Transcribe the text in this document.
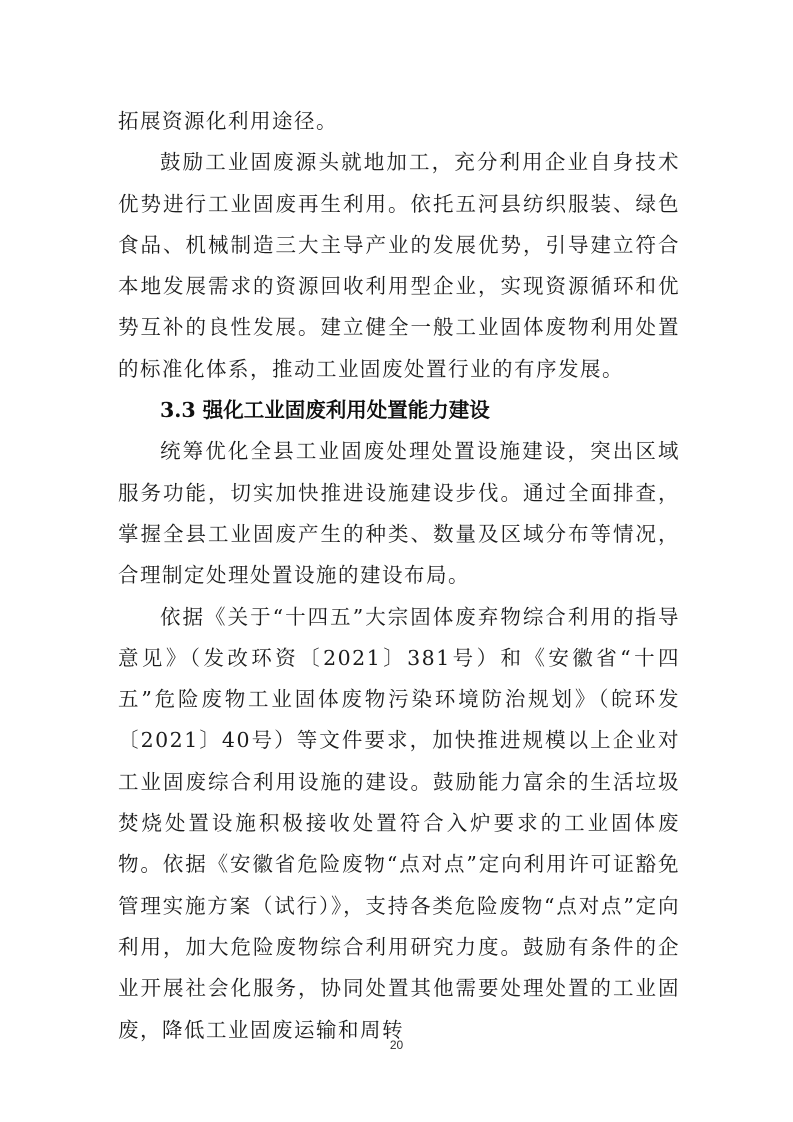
拓展资源化利用途径。

鼓励工业固废源头就地加工，充分利用企业自身技术优势进行工业固废再生利用。依托五河县纺织服装、绿色食品、机械制造三大主导产业的发展优势，引导建立符合本地发展需求的资源回收利用型企业，实现资源循环和优势互补的良性发展。建立健全一般工业固体废物利用处置的标准化体系，推动工业固废处置行业的有序发展。

3.3 强化工业固废利用处置能力建设

统筹优化全县工业固废处理处置设施建设，突出区域服务功能，切实加快推进设施建设步伐。通过全面排查，掌握全县工业固废产生的种类、数量及区域分布等情况，合理制定处理处置设施的建设布局。

依据《关于“十四五”大宗固体废弃物综合利用的指导意见》（发改环资〔2021〕381号）和《安徽省“十四五”危险废物工业固体废物污染环境防治规划》（皖环发〔2021〕40号）等文件要求，加快推进规模以上企业对工业固废综合利用设施的建设。鼓励能力富余的生活垃圾焚烧处置设施积极接收处置符合入炉要求的工业固体废物。依据《安徽省危险废物“点对点”定向利用许可证豁免管理实施方案（试行）》，支持各类危险废物“点对点”定向利用，加大危险废物综合利用研究力度。鼓励有条件的企业开展社会化服务，协同处置其他需要处理处置的工业固废，降低工业固废运输和周转

20
